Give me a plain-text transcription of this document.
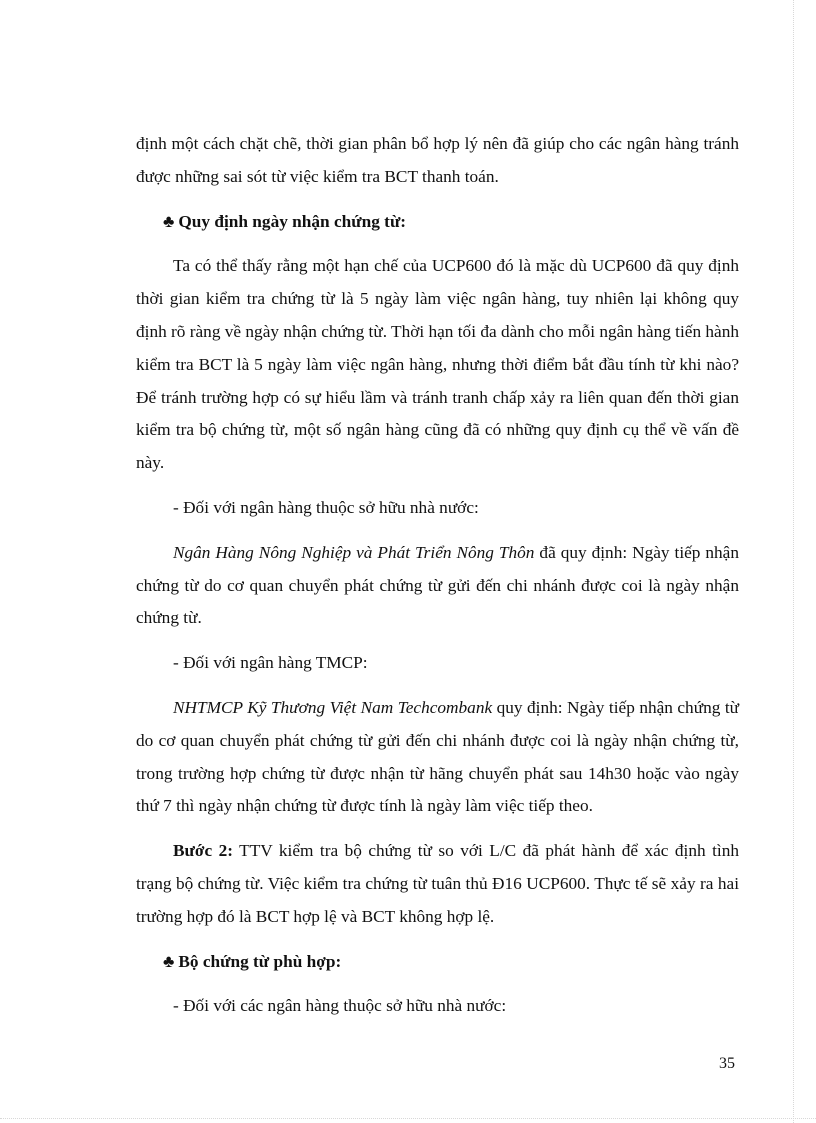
định một cách chặt chẽ, thời gian phân bổ hợp lý nên đã giúp cho các ngân hàng tránh được những sai sót từ việc kiểm tra BCT thanh toán.

♣ Quy định ngày nhận chứng từ:

Ta có thể thấy rằng một hạn chế của UCP600 đó là mặc dù UCP600 đã quy định thời gian kiểm tra chứng từ là 5 ngày làm việc ngân hàng, tuy nhiên lại không quy định rõ ràng về ngày nhận chứng từ. Thời hạn tối đa dành cho mỗi ngân hàng tiến hành kiểm tra BCT là 5 ngày làm việc ngân hàng, nhưng thời điểm bắt đầu tính từ khi nào? Để tránh trường hợp có sự hiểu lầm và tránh tranh chấp xảy ra liên quan đến thời gian kiểm tra bộ chứng từ, một số ngân hàng cũng đã có những quy định cụ thể về vấn đề này.

- Đối với ngân hàng thuộc sở hữu nhà nước:

Ngân Hàng Nông Nghiệp và Phát Triển Nông Thôn đã quy định: Ngày tiếp nhận chứng từ do cơ quan chuyển phát chứng từ gửi đến chi nhánh được coi là ngày nhận chứng từ.

- Đối với ngân hàng TMCP:

NHTMCP Kỹ Thương Việt Nam Techcombank quy định: Ngày tiếp nhận chứng từ do cơ quan chuyển phát chứng từ gửi đến chi nhánh được coi là ngày nhận chứng từ, trong trường hợp chứng từ được nhận từ hãng chuyển phát sau 14h30 hoặc vào ngày thứ 7 thì ngày nhận chứng từ được tính là ngày làm việc tiếp theo.

Bước 2: TTV kiểm tra bộ chứng từ so với L/C đã phát hành để xác định tình trạng bộ chứng từ. Việc kiểm tra chứng từ tuân thủ Đ16 UCP600. Thực tế sẽ xảy ra hai trường hợp đó là BCT hợp lệ và BCT không hợp lệ.

♣ Bộ chứng từ phù hợp:

- Đối với các ngân hàng thuộc sở hữu nhà nước:

35
